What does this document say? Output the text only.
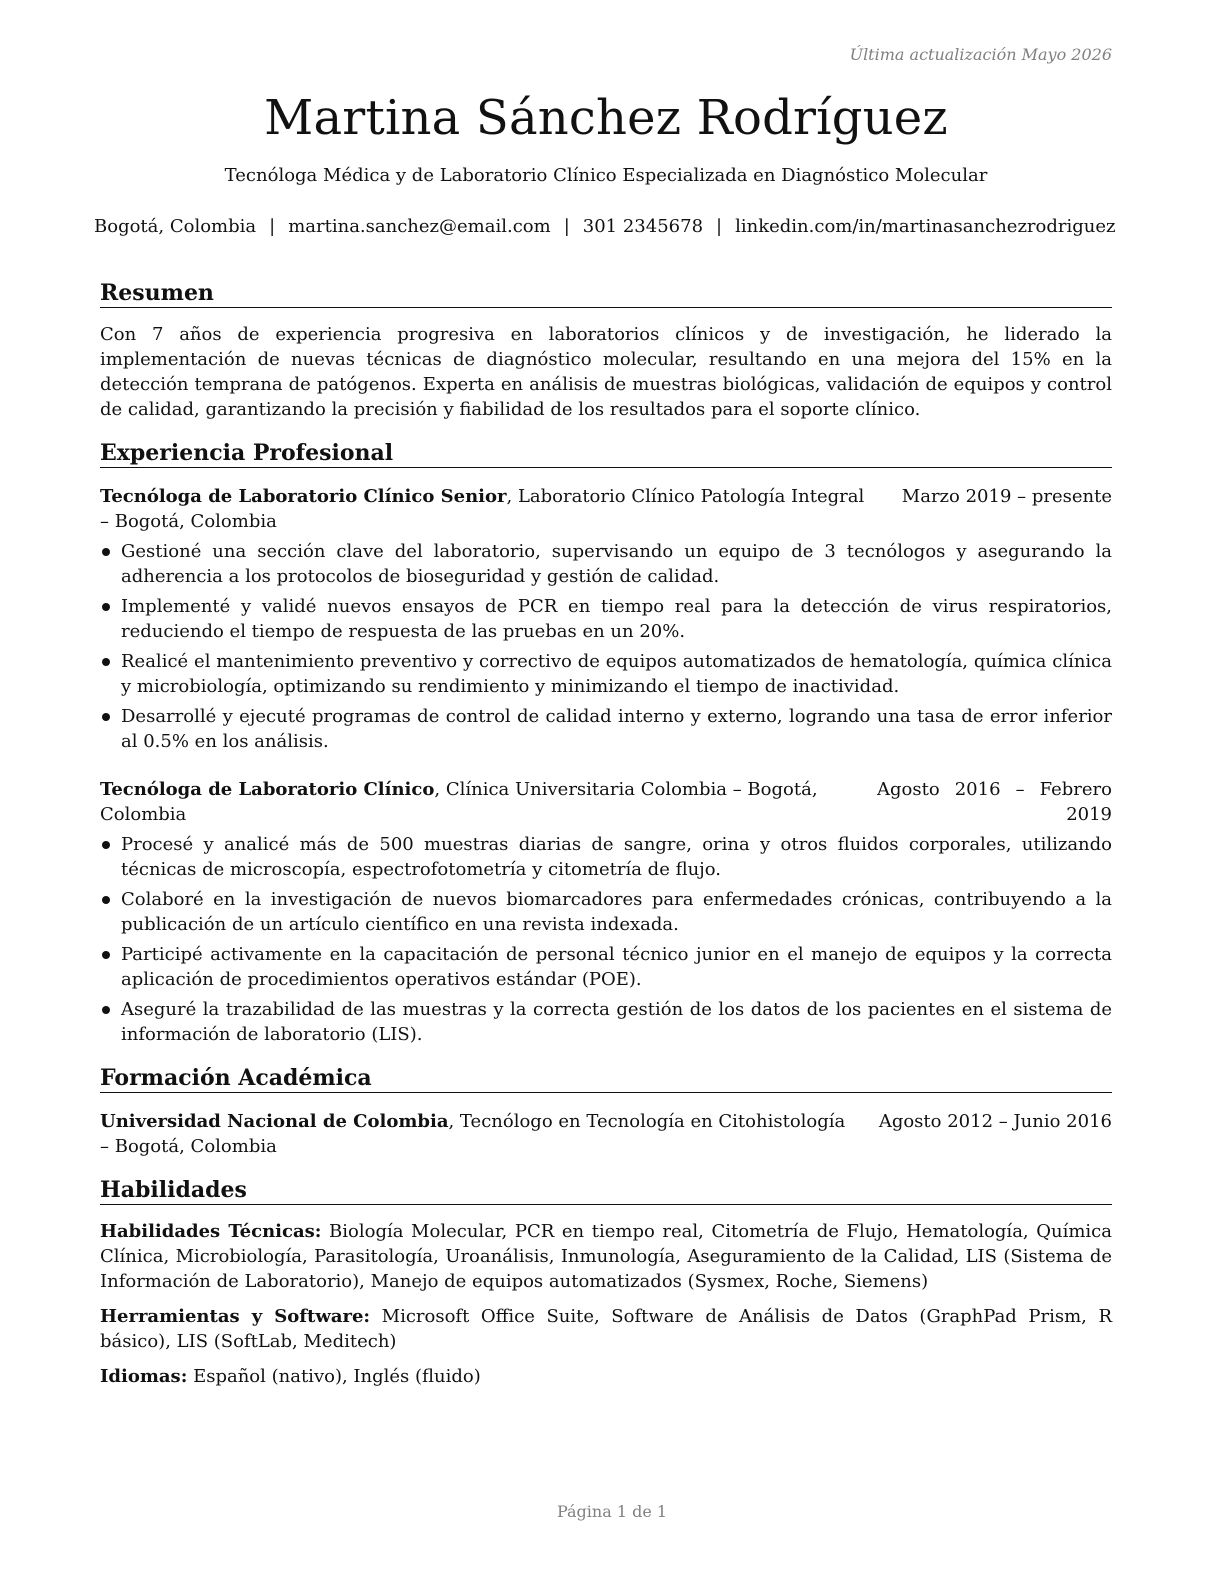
Última actualización Mayo 2026
Martina Sánchez Rodríguez
Tecnóloga Médica y de Laboratorio Clínico Especializada en Diagnóstico Molecular
Bogotá, Colombia | martina.sanchez@email.com | 301 2345678 | linkedin.com/in/martinasanchezrodriguez
Resumen
Con 7 años de experiencia progresiva en laboratorios clínicos y de investigación, he liderado la implementación de nuevas técnicas de diagnóstico molecular, resultando en una mejora del 15% en la detección temprana de patógenos. Experta en análisis de muestras biológicas, validación de equipos y control de calidad, garantizando la precisión y fiabilidad de los resultados para el soporte clínico.
Experiencia Profesional
Tecnóloga de Laboratorio Clínico Senior, Laboratorio Clínico Patología Integral – Bogotá, Colombia
Marzo 2019 – presente
Gestioné una sección clave del laboratorio, supervisando un equipo de 3 tecnólogos y asegurando la adherencia a los protocolos de bioseguridad y gestión de calidad.
Implementé y validé nuevos ensayos de PCR en tiempo real para la detección de virus respiratorios, reduciendo el tiempo de respuesta de las pruebas en un 20%.
Realicé el mantenimiento preventivo y correctivo de equipos automatizados de hematología, química clínica y microbiología, optimizando su rendimiento y minimizando el tiempo de inactividad.
Desarrollé y ejecuté programas de control de calidad interno y externo, logrando una tasa de error inferior al 0.5% en los análisis.
Tecnóloga de Laboratorio Clínico, Clínica Universitaria Colombia – Bogotá, Colombia
Agosto 2016 – Febrero 2019
Procesé y analicé más de 500 muestras diarias de sangre, orina y otros fluidos corporales, utilizando técnicas de microscopía, espectrofotometría y citometría de flujo.
Colaboré en la investigación de nuevos biomarcadores para enfermedades crónicas, contribuyendo a la publicación de un artículo científico en una revista indexada.
Participé activamente en la capacitación de personal técnico junior en el manejo de equipos y la correcta aplicación de procedimientos operativos estándar (POE).
Aseguré la trazabilidad de las muestras y la correcta gestión de los datos de los pacientes en el sistema de información de laboratorio (LIS).
Formación Académica
Universidad Nacional de Colombia, Tecnólogo en Tecnología en Citohistología – Bogotá, Colombia
Agosto 2012 – Junio 2016
Habilidades
Habilidades Técnicas: Biología Molecular, PCR en tiempo real, Citometría de Flujo, Hematología, Química Clínica, Microbiología, Parasitología, Uroanálisis, Inmunología, Aseguramiento de la Calidad, LIS (Sistema de Información de Laboratorio), Manejo de equipos automatizados (Sysmex, Roche, Siemens)
Herramientas y Software: Microsoft Office Suite, Software de Análisis de Datos (GraphPad Prism, R básico), LIS (SoftLab, Meditech)
Idiomas: Español (nativo), Inglés (fluido)
Página 1 de 1
